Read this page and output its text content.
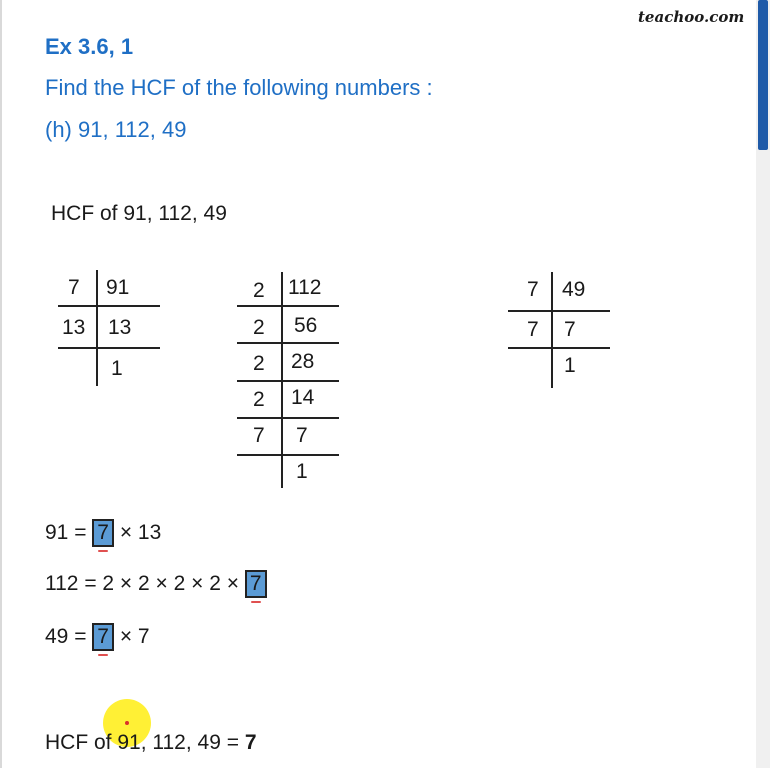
teachoo.com
Ex 3.6, 1
Find the HCF of the following numbers :
(h) 91, 112, 49
HCF of 91, 112, 49
7 91
13 13
1
2 112
2 56
2 28
2 14
7 7
1
7 49
7 7
1
91 = 7
× 13
112 = 2 × 2 × 2 × 2 × 7
49 = 7
× 7
HCF of 91, 112, 49 = 7
